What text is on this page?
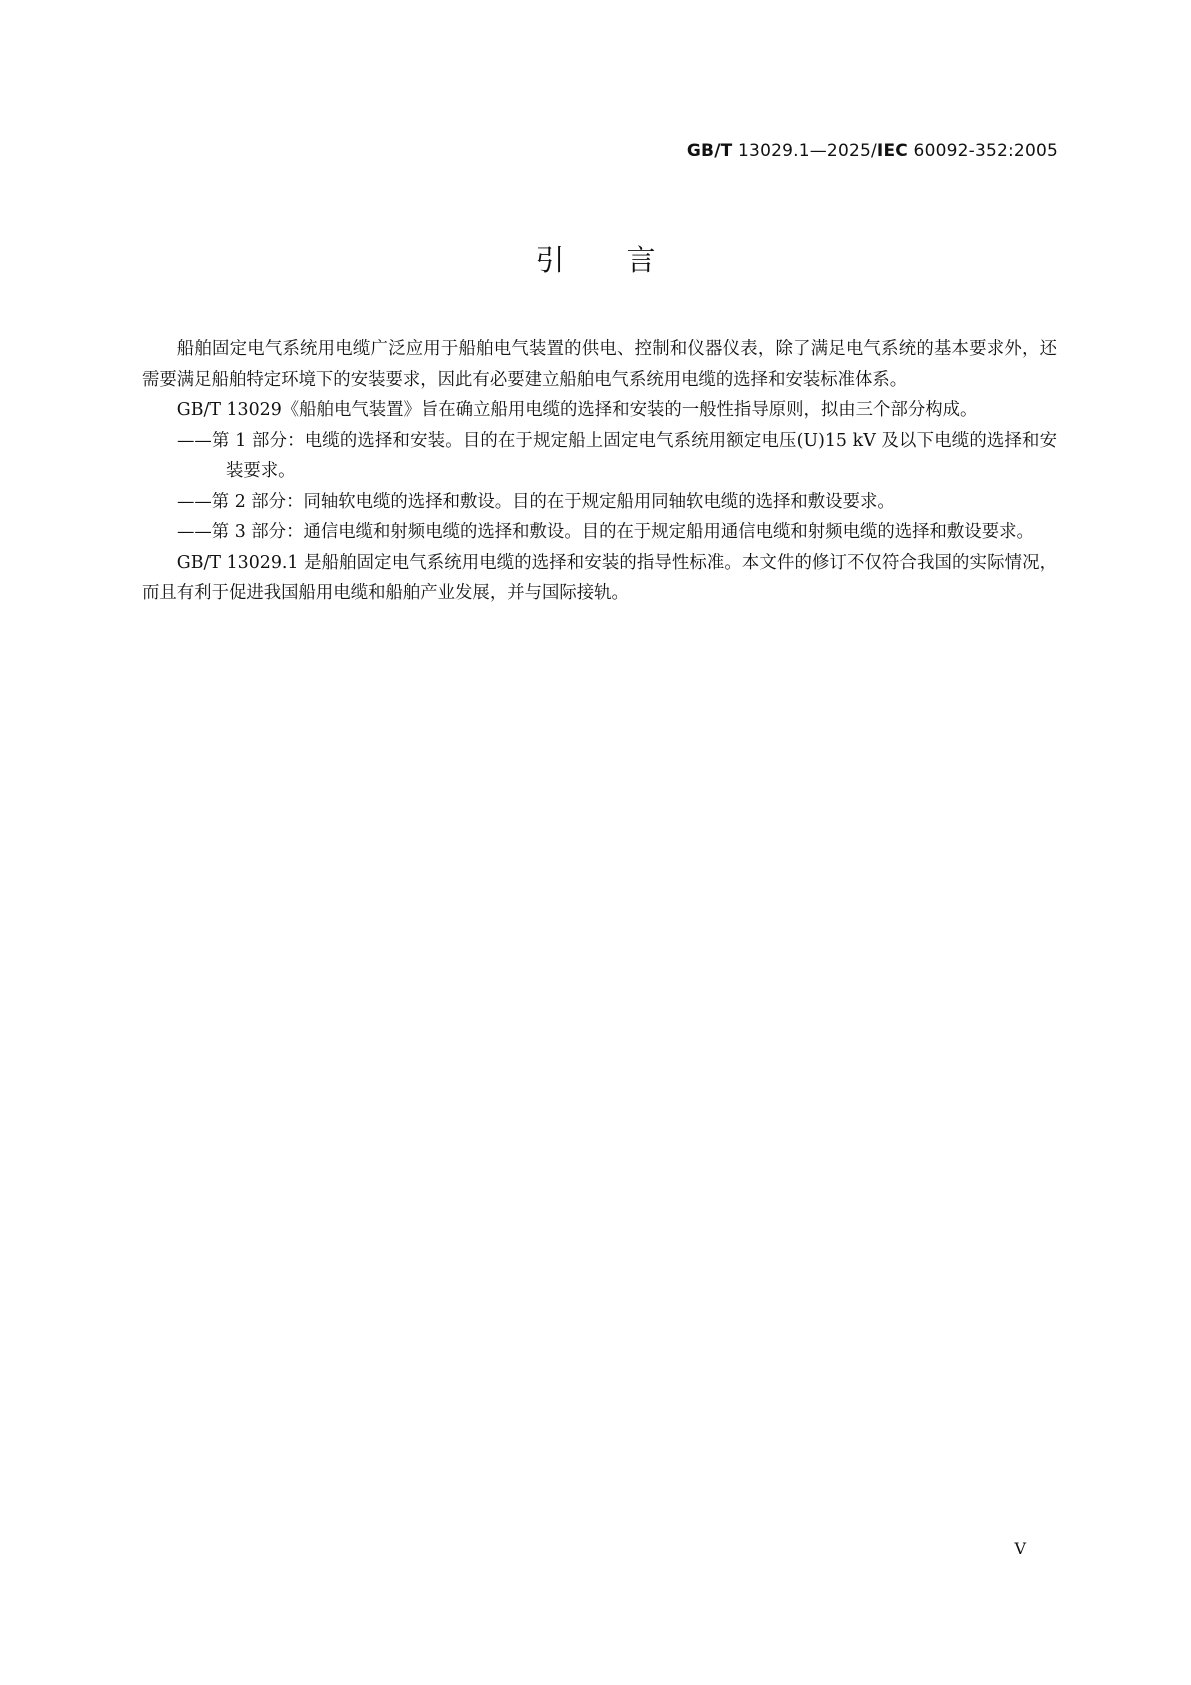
GB/T 13029.1—2025/IEC 60092-352:2005
引言

船舶固定电气系统用电缆广泛应用于船舶电气装置的供电、控制和仪器仪表，除了满足电气系统的基本要求外，还需要满足船舶特定环境下的安装要求，因此有必要建立船舶电气系统用电缆的选择和安装标准体系。

GB/T 13029《船舶电气装置》旨在确立船用电缆的选择和安装的一般性指导原则，拟由三个部分构成。

——第 1 部分：电缆的选择和安装。目的在于规定船上固定电气系统用额定电压(U)15 kV 及以下电缆的选择和安装要求。

——第 2 部分：同轴软电缆的选择和敷设。目的在于规定船用同轴软电缆的选择和敷设要求。

——第 3 部分：通信电缆和射频电缆的选择和敷设。目的在于规定船用通信电缆和射频电缆的选择和敷设要求。

GB/T 13029.1 是船舶固定电气系统用电缆的选择和安装的指导性标准。本文件的修订不仅符合我国的实际情况，而且有利于促进我国船用电缆和船舶产业发展，并与国际接轨。

V
